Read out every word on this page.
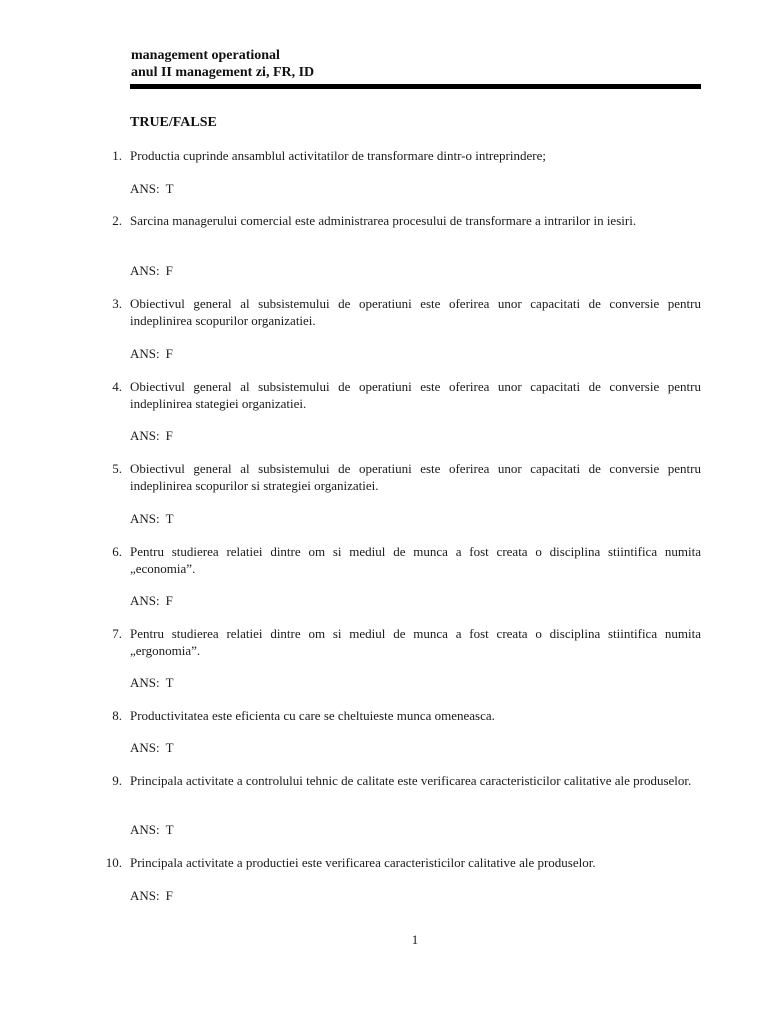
management operational
anul II management zi, FR, ID
TRUE/FALSE
1. Productia cuprinde ansamblul activitatilor de transformare dintr-o intreprindere;
ANS: T
2. Sarcina managerului comercial este administrarea procesului de transformare a intrarilor in iesiri.
ANS: F
3. Obiectivul general al subsistemului de operatiuni este oferirea unor capacitati de conversie pentru indeplinirea scopurilor organizatiei.
ANS: F
4. Obiectivul general al subsistemului de operatiuni este oferirea unor capacitati de conversie pentru indeplinirea stategiei organizatiei.
ANS: F
5. Obiectivul general al subsistemului de operatiuni este oferirea unor capacitati de conversie pentru indeplinirea scopurilor si strategiei organizatiei.
ANS: T
6. Pentru studierea relatiei dintre om si mediul de munca a fost creata o disciplina stiintifica numita „economia”.
ANS: F
7. Pentru studierea relatiei dintre om si mediul de munca a fost creata o disciplina stiintifica numita „ergonomia”.
ANS: T
8. Productivitatea este eficienta cu care se cheltuieste munca omeneasca.
ANS: T
9. Principala activitate a controlului tehnic de calitate este verificarea caracteristicilor calitative ale produselor.
ANS: T
10. Principala activitate a productiei este verificarea caracteristicilor calitative ale produselor.
ANS: F
1
